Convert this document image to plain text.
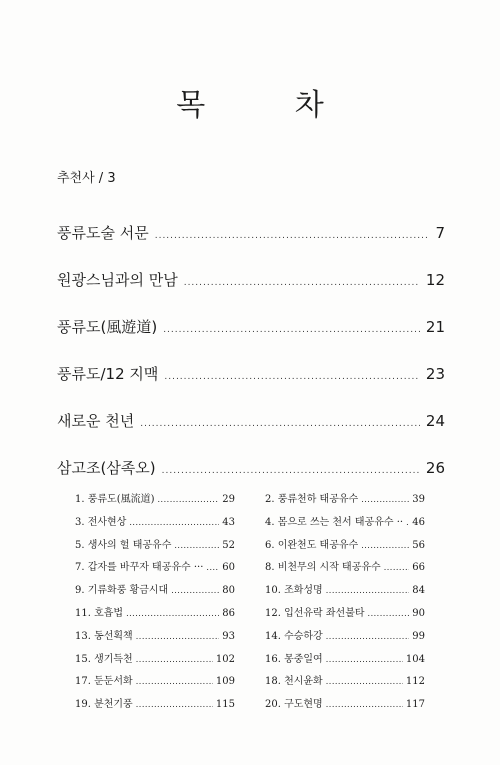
목 차
추천사 / 3
풍류도술 서문 .....	7
원광스님과의 만남 .....	12
풍류도(風遊道) .....	21
풍류도/12 지맥 .....	23
새로운 천년 .....	24
삼고조(삼족오) .....	26
1. 풍류도(風流道) .....	29	2. 풍류천하 태공유수 .....	39
3. 전사현상 .....	43	4. 몸으로 쓰는 천서 태공유수 ·· ..... 46
5. 생사의 헐 태공유수 .....	52	6. 이완천도 태공유수 .....	56
7. 갑자를 바꾸자 태공유수 ··· ..... 60	8. 비천무의 시작 태공유수 .....	66
9. 기류화풍 황금시대 .....	80	10. 조화성명 .....	84
11. 호흡법 .....	86	12. 입선유락 좌선불타 .....	90
13. 동선획책 .....	93	14. 수승하강 .....	99
15. 생기득천 .....	102	16. 몽중일여 .....	104
17. 둔둔서화 .....	109	18. 천시윤화 .....	112
19. 분천기풍 .....	115	20. 구도현명 .....	117
